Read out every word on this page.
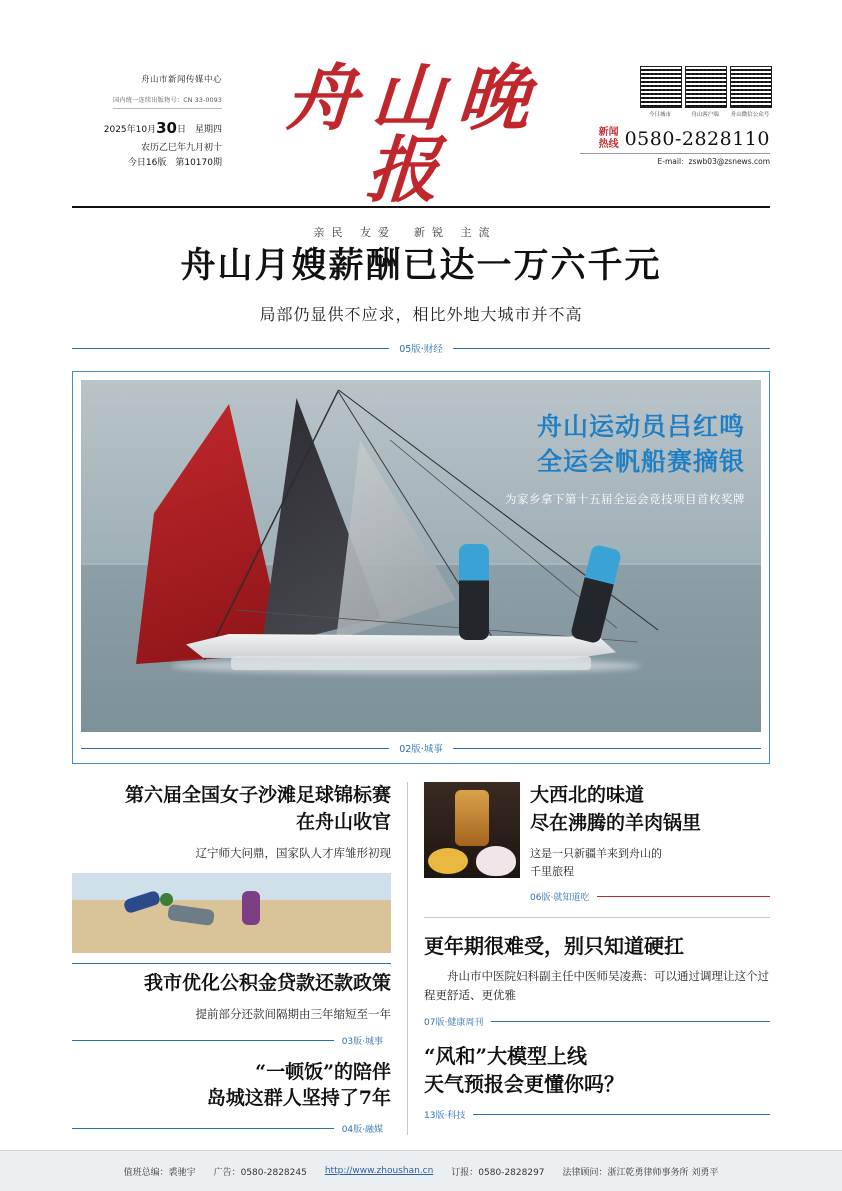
舟山市新闻传媒中心
国内统一连续出版物号：CN 33-0093
2025年10月30日　星期四
农历乙巳年九月初十
今日16版　第10170期
舟山晚报
亲民 友爱　新锐 主流
今日城市	舟山客户端	舟山微信公众号
新闻
热线 0580-2828110
E-mail：zswb03@zsnews.com
舟山月嫂薪酬已达一万六千元
局部仍显供不应求，相比外地大城市并不高
05版·财经
舟山运动员吕红鸣
全运会帆船赛摘银
为家乡拿下第十五届全运会竞技项目首枚奖牌
02版·城事
第六届全国女子沙滩足球锦标赛
在舟山收官
辽宁师大问鼎，国家队人才库雏形初现
我市优化公积金贷款还款政策
提前部分还款间隔期由三年缩短至一年
03版·城事
“一顿饭”的陪伴
岛城这群人坚持了7年
04版·融媒
大西北的味道
尽在沸腾的羊肉锅里
这是一只新疆羊来到舟山的
千里旅程
06版·就知道吃
更年期很难受，别只知道硬扛
舟山市中医院妇科副主任中医师吴凌燕：可以通过调理让这个过程更舒适、更优雅
07版·健康周刊
“风和”大模型上线
天气预报会更懂你吗？
13版·科技
值班总编：裘驰宇 广告：0580-2828245 http://www.zhoushan.cn 订报：0580-2828297 法律顾问：浙江乾勇律师事务所 刘勇平
